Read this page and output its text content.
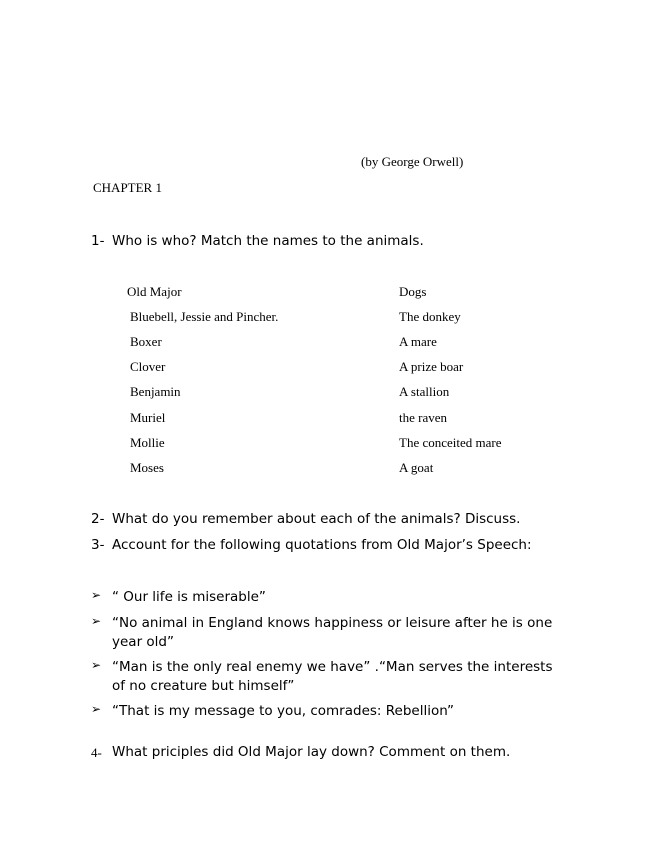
(by George Orwell)
CHAPTER 1
1- Who is who? Match the names to the animals.
Old Major	Dogs
Bluebell, Jessie and Pincher.	The donkey
Boxer	A mare
Clover	A prize boar
Benjamin	A stallion
Muriel	the raven
Mollie	The conceited mare
Moses	A goat
2- What do you remember about each of the animals? Discuss.
3- Account for the following quotations from Old Major’s Speech:
➢ “ Our life is miserable”
➢ “No animal in England knows happiness or leisure after he is one year old”
➢ “Man is the only real enemy we have” .“Man serves the interests of no creature but himself”
➢ “That is my message to you, comrades: Rebellion”
4- What priciples did Old Major lay down? Comment on them.
